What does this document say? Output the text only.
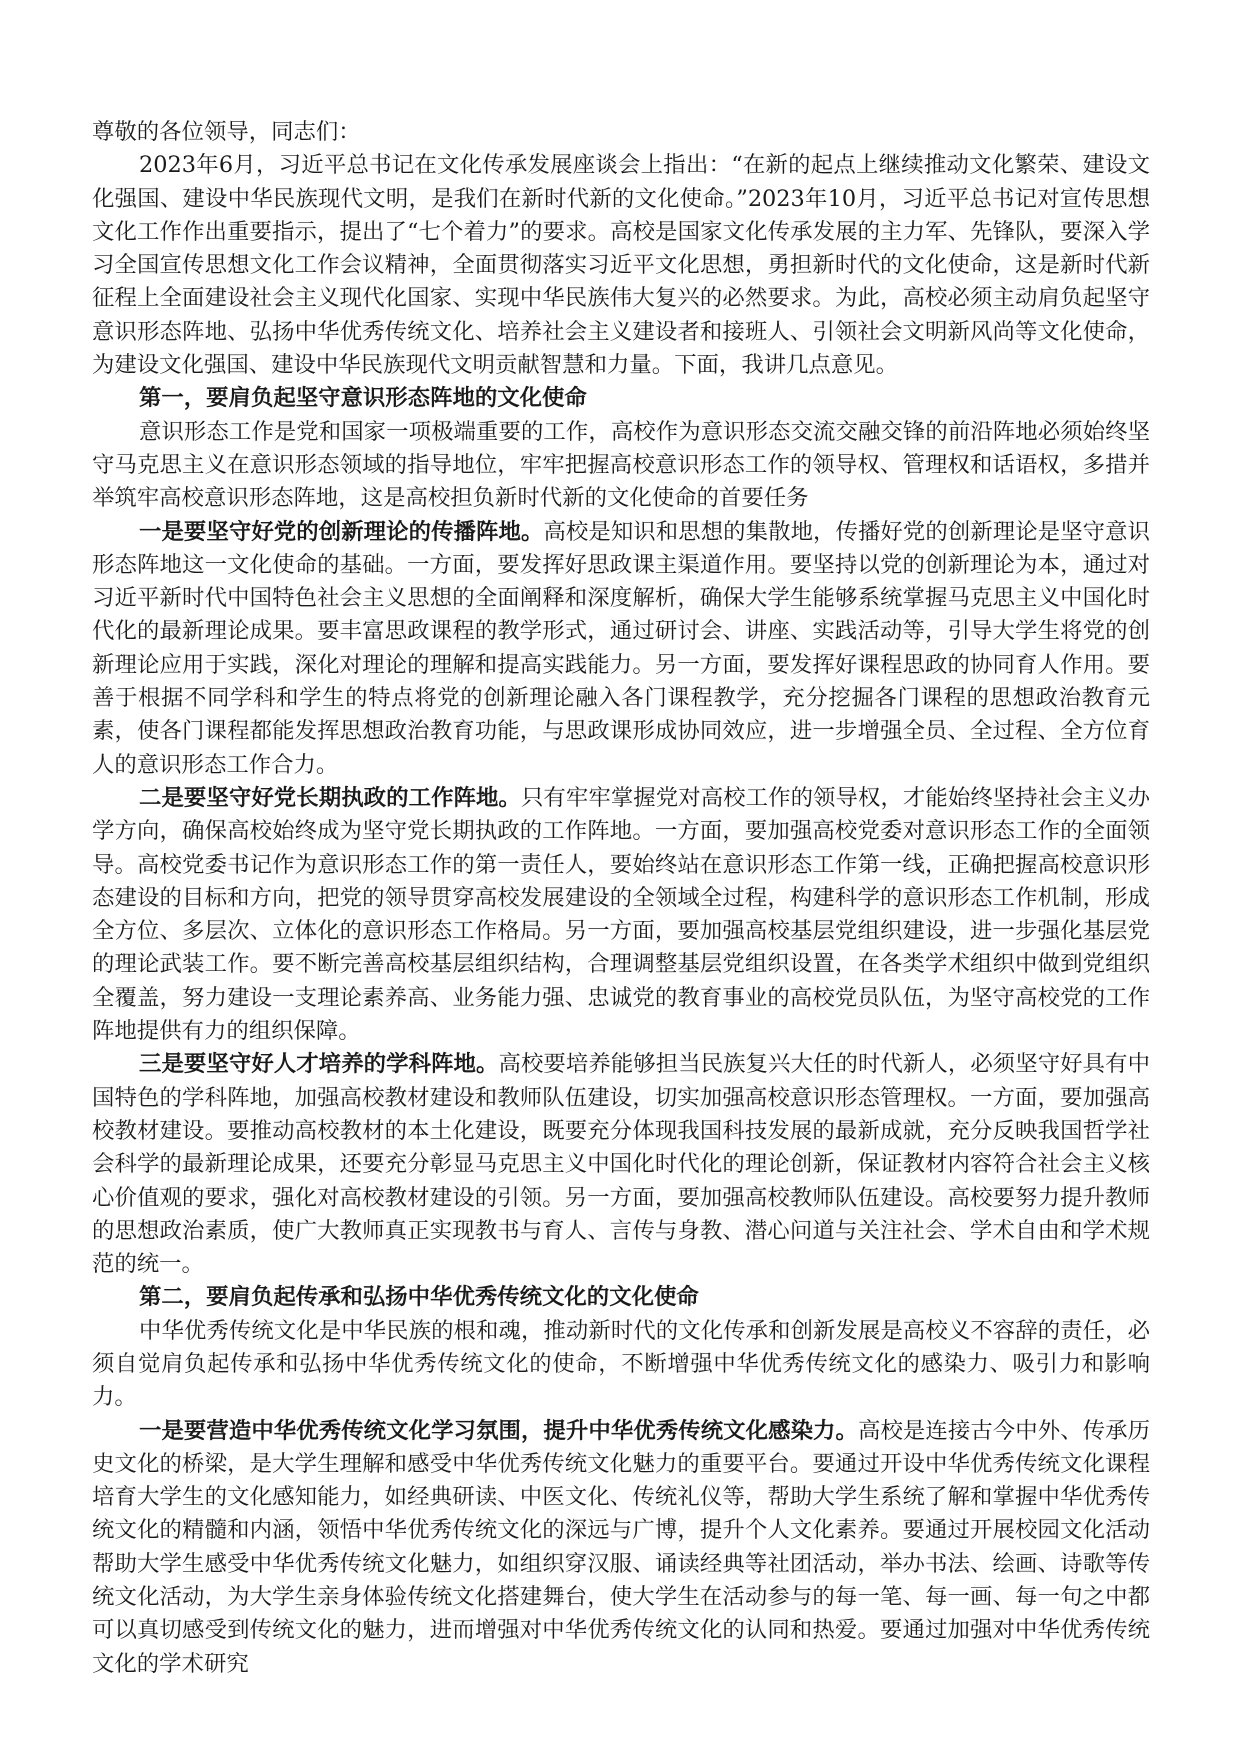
尊敬的各位领导，同志们：

2023年6月，习近平总书记在文化传承发展座谈会上指出：“在新的起点上继续推动文化繁荣、建设文化强国、建设中华民族现代文明，是我们在新时代新的文化使命。”2023年10月，习近平总书记对宣传思想文化工作作出重要指示，提出了“七个着力”的要求。高校是国家文化传承发展的主力军、先锋队，要深入学习全国宣传思想文化工作会议精神，全面贯彻落实习近平文化思想，勇担新时代的文化使命，这是新时代新征程上全面建设社会主义现代化国家、实现中华民族伟大复兴的必然要求。为此，高校必须主动肩负起坚守意识形态阵地、弘扬中华优秀传统文化、培养社会主义建设者和接班人、引领社会文明新风尚等文化使命，为建设文化强国、建设中华民族现代文明贡献智慧和力量。下面，我讲几点意见。

第一，要肩负起坚守意识形态阵地的文化使命

意识形态工作是党和国家一项极端重要的工作，高校作为意识形态交流交融交锋的前沿阵地必须始终坚守马克思主义在意识形态领域的指导地位，牢牢把握高校意识形态工作的领导权、管理权和话语权，多措并举筑牢高校意识形态阵地，这是高校担负新时代新的文化使命的首要任务

一是要坚守好党的创新理论的传播阵地。高校是知识和思想的集散地，传播好党的创新理论是坚守意识形态阵地这一文化使命的基础。一方面，要发挥好思政课主渠道作用。要坚持以党的创新理论为本，通过对习近平新时代中国特色社会主义思想的全面阐释和深度解析，确保大学生能够系统掌握马克思主义中国化时代化的最新理论成果。要丰富思政课程的教学形式，通过研讨会、讲座、实践活动等，引导大学生将党的创新理论应用于实践，深化对理论的理解和提高实践能力。另一方面，要发挥好课程思政的协同育人作用。要善于根据不同学科和学生的特点将党的创新理论融入各门课程教学，充分挖掘各门课程的思想政治教育元素，使各门课程都能发挥思想政治教育功能，与思政课形成协同效应，进一步增强全员、全过程、全方位育人的意识形态工作合力。

二是要坚守好党长期执政的工作阵地。只有牢牢掌握党对高校工作的领导权，才能始终坚持社会主义办学方向，确保高校始终成为坚守党长期执政的工作阵地。一方面，要加强高校党委对意识形态工作的全面领导。高校党委书记作为意识形态工作的第一责任人，要始终站在意识形态工作第一线，正确把握高校意识形态建设的目标和方向，把党的领导贯穿高校发展建设的全领域全过程，构建科学的意识形态工作机制，形成全方位、多层次、立体化的意识形态工作格局。另一方面，要加强高校基层党组织建设，进一步强化基层党的理论武装工作。要不断完善高校基层组织结构，合理调整基层党组织设置，在各类学术组织中做到党组织全覆盖，努力建设一支理论素养高、业务能力强、忠诚党的教育事业的高校党员队伍，为坚守高校党的工作阵地提供有力的组织保障。

三是要坚守好人才培养的学科阵地。高校要培养能够担当民族复兴大任的时代新人，必须坚守好具有中国特色的学科阵地，加强高校教材建设和教师队伍建设，切实加强高校意识形态管理权。一方面，要加强高校教材建设。要推动高校教材的本土化建设，既要充分体现我国科技发展的最新成就，充分反映我国哲学社会科学的最新理论成果，还要充分彰显马克思主义中国化时代化的理论创新，保证教材内容符合社会主义核心价值观的要求，强化对高校教材建设的引领。另一方面，要加强高校教师队伍建设。高校要努力提升教师的思想政治素质，使广大教师真正实现教书与育人、言传与身教、潜心问道与关注社会、学术自由和学术规范的统一。

第二，要肩负起传承和弘扬中华优秀传统文化的文化使命

中华优秀传统文化是中华民族的根和魂，推动新时代的文化传承和创新发展是高校义不容辞的责任，必须自觉肩负起传承和弘扬中华优秀传统文化的使命，不断增强中华优秀传统文化的感染力、吸引力和影响力。

一是要营造中华优秀传统文化学习氛围，提升中华优秀传统文化感染力。高校是连接古今中外、传承历史文化的桥梁，是大学生理解和感受中华优秀传统文化魅力的重要平台。要通过开设中华优秀传统文化课程培育大学生的文化感知能力，如经典研读、中医文化、传统礼仪等，帮助大学生系统了解和掌握中华优秀传统文化的精髓和内涵，领悟中华优秀传统文化的深远与广博，提升个人文化素养。要通过开展校园文化活动帮助大学生感受中华优秀传统文化魅力，如组织穿汉服、诵读经典等社团活动，举办书法、绘画、诗歌等传统文化活动，为大学生亲身体验传统文化搭建舞台，使大学生在活动参与的每一笔、每一画、每一句之中都可以真切感受到传统文化的魅力，进而增强对中华优秀传统文化的认同和热爱。要通过加强对中华优秀传统文化的学术研究
